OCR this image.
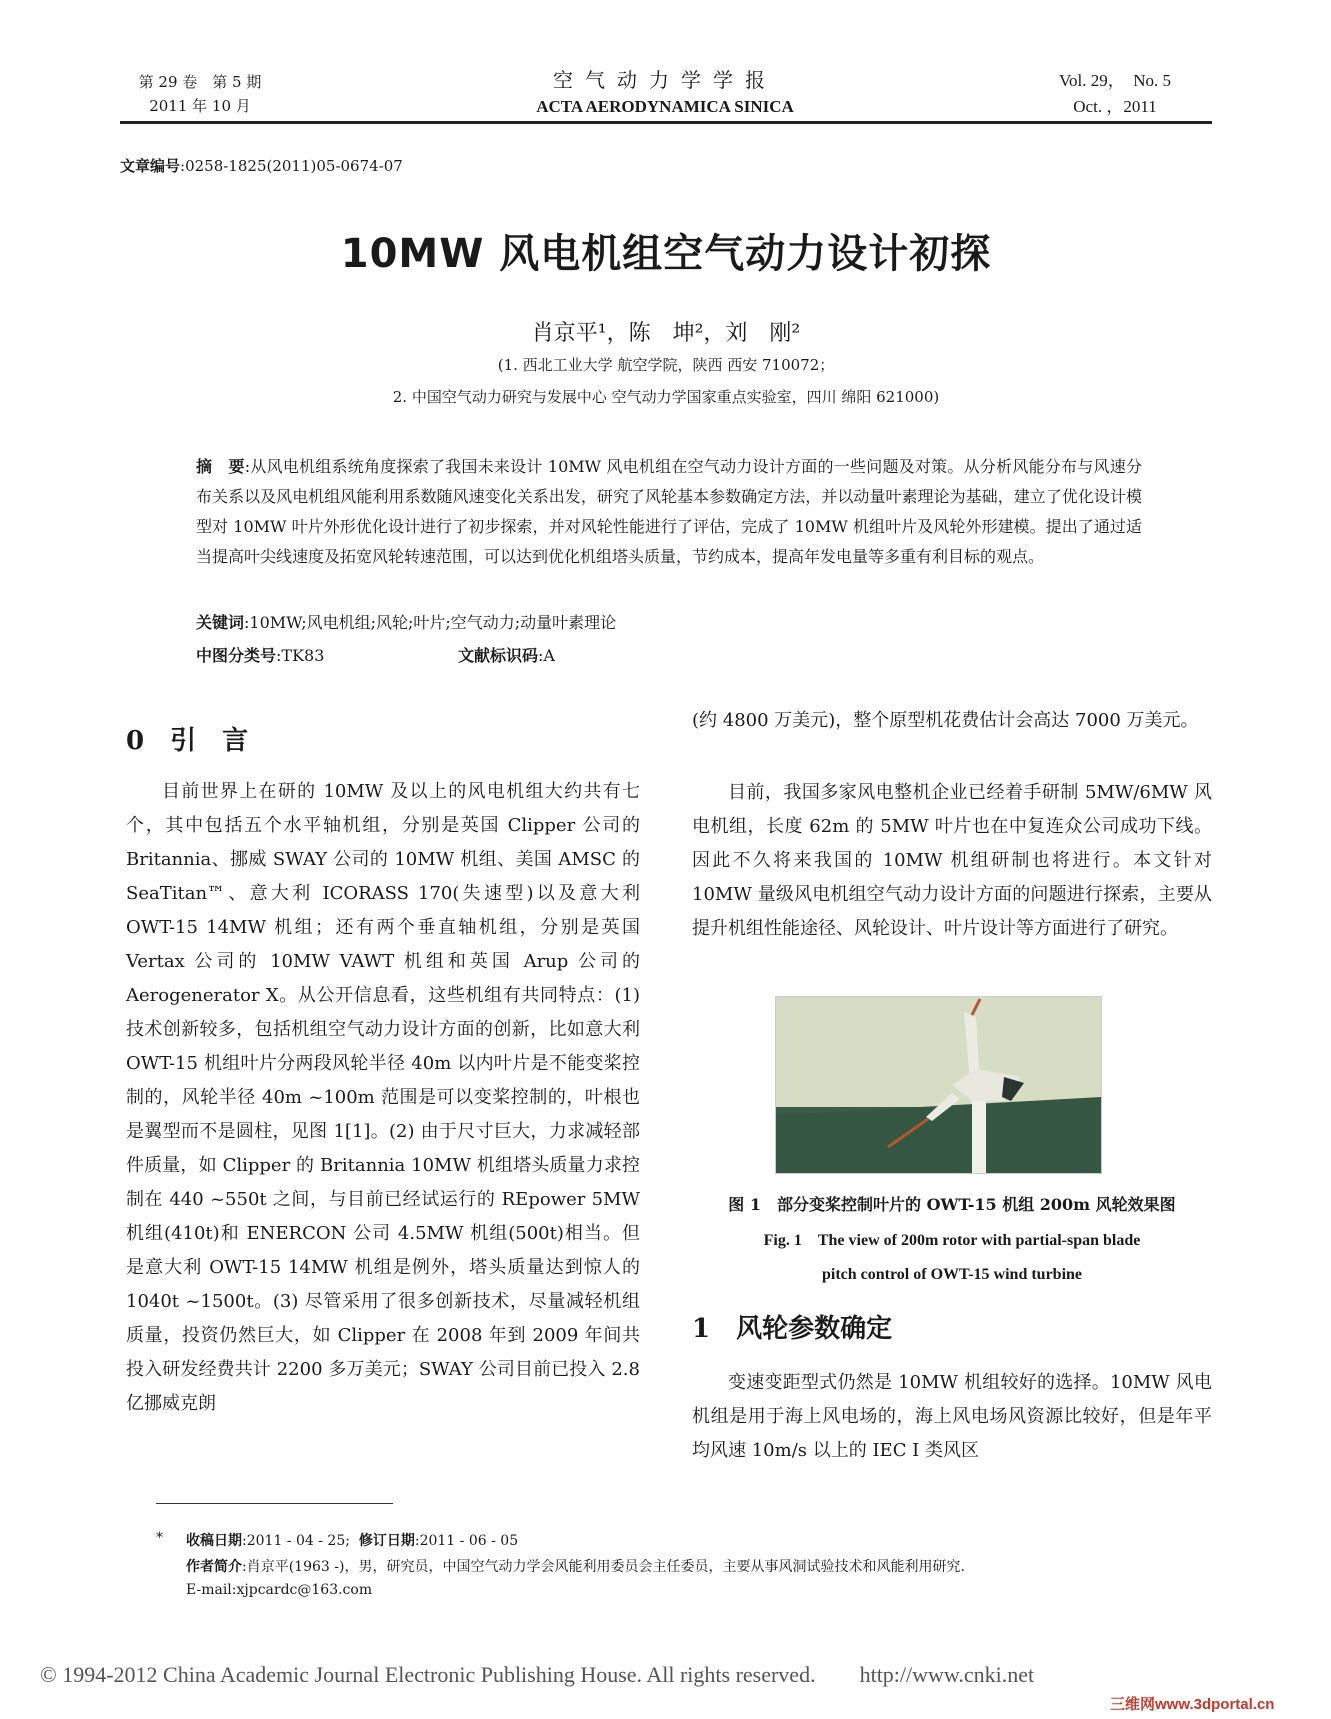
第 29 卷　第 5 期
2011 年 10 月
空气动力学学报
ACTA AERODYNAMICA SINICA
Vol. 29，　No. 5
Oct. ，2011
文章编号:0258-1825(2011)05-0674-07
10MW 风电机组空气动力设计初探
肖京平¹，陈　坤²，刘　刚²
(1. 西北工业大学 航空学院，陕西 西安 710072；
2. 中国空气动力研究与发展中心 空气动力学国家重点实验室，四川 绵阳 621000)
摘　要:从风电机组系统角度探索了我国未来设计 10MW 风电机组在空气动力设计方面的一些问题及对策。从分析风能分布与风速分布关系以及风电机组风能利用系数随风速变化关系出发，研究了风轮基本参数确定方法，并以动量叶素理论为基础，建立了优化设计模型对 10MW 叶片外形优化设计进行了初步探索，并对风轮性能进行了评估，完成了 10MW 机组叶片及风轮外形建模。提出了通过适当提高叶尖线速度及拓宽风轮转速范围，可以达到优化机组塔头质量，节约成本，提高年发电量等多重有利目标的观点。
关键词:10MW;风电机组;风轮;叶片;空气动力;动量叶素理论
中图分类号:TK83	文献标识码:A
0　引　言
目前世界上在研的 10MW 及以上的风电机组大约共有七个，其中包括五个水平轴机组，分别是英国 Clipper 公司的 Britannia、挪威 SWAY 公司的 10MW 机组、美国 AMSC 的 SeaTitan™、意大利 ICORASS 170(失速型)以及意大利 OWT-15 14MW 机组；还有两个垂直轴机组，分别是英国 Vertax 公司的 10MW VAWT 机组和英国 Arup 公司的 Aerogenerator X。从公开信息看，这些机组有共同特点：(1) 技术创新较多，包括机组空气动力设计方面的创新，比如意大利 OWT-15 机组叶片分两段风轮半径 40m 以内叶片是不能变桨控制的，风轮半径 40m ~100m 范围是可以变桨控制的，叶根也是翼型而不是圆柱，见图 1[1]。(2) 由于尺寸巨大，力求减轻部件质量，如 Clipper 的 Britannia 10MW 机组塔头质量力求控制在 440 ~550t 之间，与目前已经试运行的 REpower 5MW 机组(410t)和 ENERCON 公司 4.5MW 机组(500t)相当。但是意大利 OWT-15 14MW 机组是例外，塔头质量达到惊人的 1040t ~1500t。(3) 尽管采用了很多创新技术，尽量减轻机组质量，投资仍然巨大，如 Clipper 在 2008 年到 2009 年间共投入研发经费共计 2200 多万美元；SWAY 公司目前已投入 2.8 亿挪威克朗
(约 4800 万美元)，整个原型机花费估计会高达 7000 万美元。
目前，我国多家风电整机企业已经着手研制 5MW/6MW 风电机组，长度 62m 的 5MW 叶片也在中复连众公司成功下线。因此不久将来我国的 10MW 机组研制也将进行。本文针对 10MW 量级风电机组空气动力设计方面的问题进行探索，主要从提升机组性能途径、风轮设计、叶片设计等方面进行了研究。
图 1　部分变桨控制叶片的 OWT-15 机组 200m 风轮效果图
Fig. 1　The view of 200m rotor with partial-span blade
pitch control of OWT-15 wind turbine
1　风轮参数确定
变速变距型式仍然是 10MW 机组较好的选择。10MW 风电机组是用于海上风电场的，海上风电场风资源比较好，但是年平均风速 10m/s 以上的 IEC I 类风区
* 收稿日期:2011 - 04 - 25; 修订日期:2011 - 06 - 05
作者简介:肖京平(1963 -)，男，研究员，中国空气动力学会风能利用委员会主任委员，主要从事风洞试验技术和风能利用研究.
E-mail:xjpcardc@163.com
© 1994-2012 China Academic Journal Electronic Publishing House. All rights reserved.　　http://www.cnki.net
三维网www.3dportal.cn
